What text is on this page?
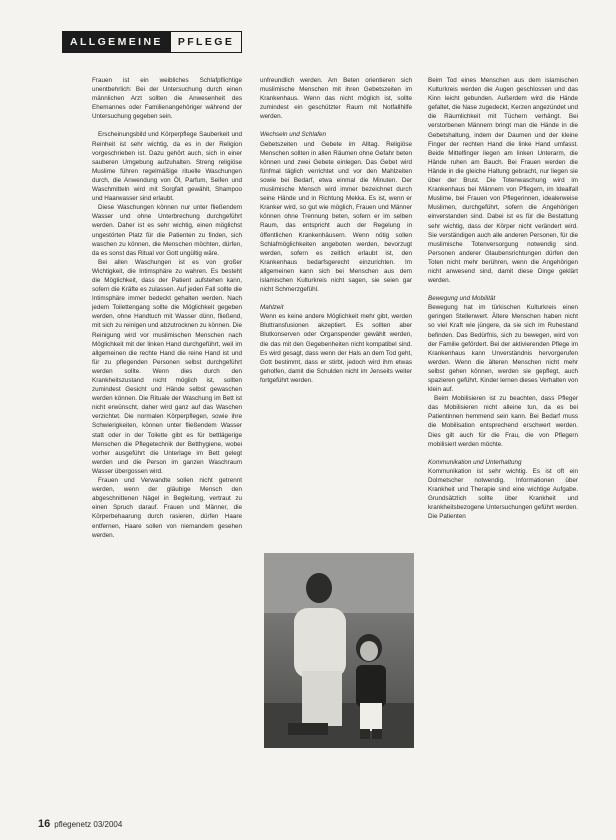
ALLGEMEINE	PFLEGE

Frauen ist ein weibliches Schlafpflichtige unentbehrlich: Bei der Untersuchung durch einen männlichen Arzt sollten die Anwesenheit des Ehemannes oder Familienangehöriger während der Untersuchung gegeben sein.

Erscheinungsbild und Körperpflege Sauberkeit und Reinheit ist sehr wichtig, da es in der Religion vorgeschrieben ist. Dazu gehört auch, sich in einer sauberen Umgebung aufzuhalten. Streng religiöse Muslime führen regelmäßige rituelle Waschungen durch, die Anwendung von Öl, Parfum, Seifen und Waschmitteln wird mit Sorgfalt gewählt, Shampoo und Haarwasser sind erlaubt.

Diese Waschungen können nur unter fließendem Wasser und ohne Unterbrechung durchgeführt werden. Daher ist es sehr wichtig, einen möglichst ungestörten Platz für die Patienten zu finden, sich waschen zu können, die Menschen möchten, dürfen, da es sonst das Ritual vor Gott ungültig wäre.

Bei allen Waschungen ist es von großer Wichtigkeit, die Intimsphäre zu wahren. Es besteht die Möglichkeit, dass der Patient aufstehen kann, sofern die Kräfte es zulassen. Auf jeden Fall sollte die Intimsphäre immer bedeckt gehalten werden. Nach jedem Toilettengang sollte die Möglichkeit gegeben werden, ohne Handtuch mit Wasser dünn, fließend, mit sich zu reinigen und abzutrocknen zu können. Die Reinigung wird vor muslimischen Menschen nach Möglichkeit mit der linken Hand durchgeführt, weil im allgemeinen die rechte Hand die reine Hand ist und für zu pflegenden Personen selbst durchgeführt werden sollte. Wenn dies durch den Krankheitszustand nicht möglich ist, sollten zumindest Gesicht und Hände selbst gewaschen werden können. Die Rituale der Waschung im Bett ist nicht erwünscht, daher wird ganz auf das Waschen verzichtet. Die normalen Körperpflegen, sowie ihre Schwierigkeiten, können unter fließendem Wasser statt oder in der Toilette gibt es für bettlägerige Menschen die Pflegetechnik der Betthygiene, wobei vorher ausgeführt die Unterlage im Bett gelegt werden und die Person im ganzen Waschraum Wasser übergossen wird.

Frauen und Verwandte sollen nicht getrennt werden, wenn der gläubige Mensch den abgeschnittenen Nägel in Begleitung, vertraut zu einen Spruch darauf. Frauen und Männer, die Körperbehaarung durch rasieren, dürfen Haare entfernen, Haare sollen von niemandem gesehen werden.

unfreundlich werden. Am Beten orientieren sich muslimische Menschen mit ihren Gebetszeiten im Krankenhaus. Wenn das nicht möglich ist, sollte zumindest ein geschützter Raum mit Notfallhilfe werden.

Wechseln und Schlafen

Gebetszeiten und Gebete im Alltag. Religiöse Menschen sollten in allen Räumen ohne Gefahr beten können und zwei Gebete einlegen. Das Gebet wird fünfmal täglich verrichtet und vor den Mahlzeiten sowie bei Bedarf, etwa einmal die Minuten. Der muslimische Mensch wird immer bezeichnet durch seine Hände und in Richtung Mekka. Es ist, wenn er Kranker wird, so gut wie möglich, Frauen und Männer können ohne Trennung beten, sofern er im selben Raum, das entspricht auch der Regelung in öffentlichen Krankenhäusern. Wenn nötig sollen Schlafmöglichkeiten angeboten werden, bevorzugt werden, sofern es zeitlich erlaubt ist, den Krankenhaus bedarfsgerecht einzurichten. Im allgemeinen kann sich bei Menschen aus dem islamischen Kulturkreis nicht sagen, sie seien gar nicht Schmerzgefühl.

Mahlzeit

Wenn es keine andere Möglichkeit mehr gibt, werden Bluttransfusionen akzeptiert. Es sollten aber Blutkonserven oder Organspender gewählt werden, die das mit den Gegebenheiten nicht kompatibel sind. Es wird gesagt, dass wenn der Hals an dem Tod geht, Gott bestimmt, dass er stirbt, jedoch wird ihm etwas geholfen, damit die Schulden nicht im Jenseits weiter fortgeführt werden.

Beim Tod eines Menschen aus dem islamischen Kulturkreis werden die Augen geschlossen und das Kinn leicht gebunden. Außerdem wird die Hände gefaltet, die Nase zugedeckt, Kerzen angezündet und die Räumlichkeit mit Tüchern verhängt. Bei verstorbenen Männern bringt man die Hände in die Gebetshaltung, indem der Daumen und der kleine Finger der rechten Hand die linke Hand umfasst. Beide Mittelfinger liegen am linken Unterarm, die Hände ruhen am Bauch. Bei Frauen werden die Hände in die gleiche Haltung gebracht, nur liegen sie über der Brust. Die Totenwaschung wird im Krankenhaus bei Männern von Pflegern, im Idealfall Muslime, bei Frauen von Pflegerinnen, idealerweise Muslimen, durchgeführt, sofern die Angehörigen einverstanden sind. Dabei ist es für die Bestattung sehr wichtig, dass der Körper nicht verändert wird. Sie verständigen auch alle anderen Personen, für die muslimische Totenversorgung notwendig sind. Personen anderer Glaubensrichtungen dürfen den Toten nicht mehr berühren, wenn die Angehörigen nicht anwesend sind, damit diese Dinge geklärt werden.

Bewegung und Mobilität

Bewegung hat im türkischen Kulturkreis einen geringen Stellenwert. Ältere Menschen haben nicht so viel Kraft wie jüngere, da sie sich im Ruhestand befinden. Das Bedürfnis, sich zu bewegen, wird von der Familie gefördert. Bei der aktivierenden Pflege im Krankenhaus kann Unverständnis hervorgerufen werden. Wenn die älteren Menschen nicht mehr selbst gehen können, werden sie gepflegt, auch spazieren geführt. Kinder lernen dieses Verhalten von klein auf.

Beim Mobilisieren ist zu beachten, dass Pfleger das Mobilisieren nicht alleine tun, da es bei Patientinnen hemmend sein kann. Bei Bedarf muss die Mobilisation entsprechend erschwert werden. Dies gilt auch für die Frau, die von Pflegern mobilisiert werden möchte.

Kommunikation und Unterhaltung

Kommunikation ist sehr wichtig. Es ist oft ein Dolmetscher notwendig. Informationen über Krankheit und Therapie sind eine wichtige Aufgabe. Grundsätzlich sollte über Krankheit und krankheitsbezogene Untersuchungen geführt werden. Die Patienten

16 pflegenetz 03/2004
